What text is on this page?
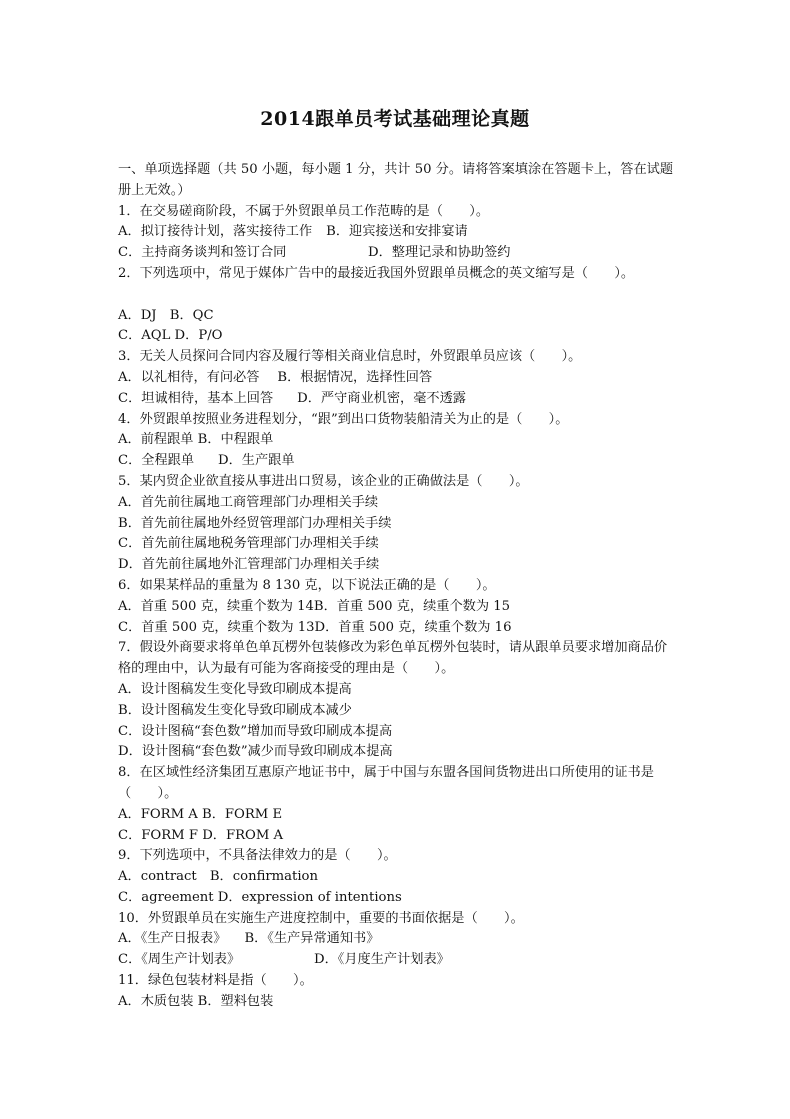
2014跟单员考试基础理论真题
一、单项选择题（共 50 小题，每小题 1 分，共计 50 分。请将答案填涂在答题卡上，答在试题册上无效。）
1．在交易磋商阶段，不属于外贸跟单员工作范畴的是（　　）。
A．拟订接待计划，落实接待工作 B．迎宾接送和安排宴请
C．主持商务谈判和签订合同	D．整理记录和协助签约
2．下列选项中，常见于媒体广告中的最接近我国外贸跟单员概念的英文缩写是（　　）。
A．DJ　B．QC
C．AQL D．P/O
3．无关人员探问合同内容及履行等相关商业信息时，外贸跟单员应该（　　）。
A．以礼相待，有问必答 B．根据情况，选择性回答
C．坦诚相待，基本上回答 D．严守商业机密，毫不透露
4．外贸跟单按照业务进程划分，“跟”到出口货物装船清关为止的是（　　）。
A．前程跟单 B．中程跟单
C．全程跟单 D．生产跟单
5．某内贸企业欲直接从事进出口贸易，该企业的正确做法是（　　）。
A．首先前往属地工商管理部门办理相关手续
B．首先前往属地外经贸管理部门办理相关手续
C．首先前往属地税务管理部门办理相关手续
D．首先前往属地外汇管理部门办理相关手续
6．如果某样品的重量为 8 130 克，以下说法正确的是（　　）。
A．首重 500 克，续重个数为 14B．首重 500 克，续重个数为 15
C．首重 500 克，续重个数为 13D．首重 500 克，续重个数为 16
7．假设外商要求将单色单瓦楞外包装修改为彩色单瓦楞外包装时，请从跟单员要求增加商品价格的理由中，认为最有可能为客商接受的理由是（　　）。
A．设计图稿发生变化导致印刷成本提高
B．设计图稿发生变化导致印刷成本减少
C．设计图稿“套色数”增加而导致印刷成本提高
D．设计图稿“套色数”减少而导致印刷成本提高
8．在区域性经济集团互惠原产地证书中，属于中国与东盟各国间货物进出口所使用的证书是（　　）。
A．FORM A B．FORM E
C．FORM F D．FROM A
9．下列选项中，不具备法律效力的是（　　）。
A．contract　B．confirmation
C．agreement D．expression of intentions
10．外贸跟单员在实施生产进度控制中，重要的书面依据是（　　）。
A．《生产日报表》 B．《生产异常通知书》
C．《周生产计划表》	D．《月度生产计划表》
11．绿色包装材料是指（　　）。
A．木质包装 B．塑料包装
